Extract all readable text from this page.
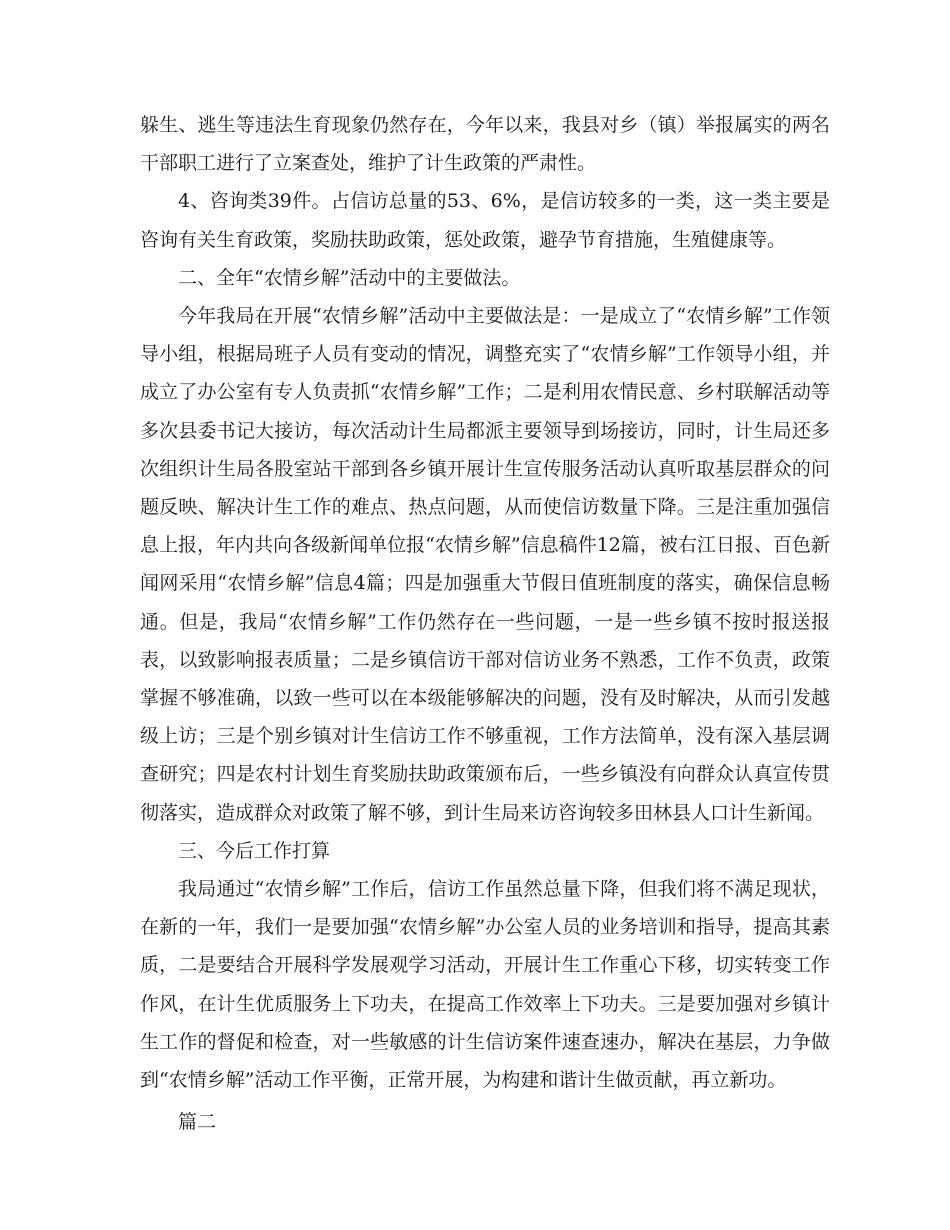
躲生、逃生等违法生育现象仍然存在，今年以来，我县对乡（镇）举报属实的两名干部职工进行了立案查处，维护了计生政策的严肃性。

4、咨询类39件。占信访总量的53、6%，是信访较多的一类，这一类主要是咨询有关生育政策，奖励扶助政策，惩处政策，避孕节育措施，生殖健康等。

二、全年“农情乡解”活动中的主要做法。

今年我局在开展“农情乡解”活动中主要做法是：一是成立了“农情乡解”工作领导小组，根据局班子人员有变动的情况，调整充实了“农情乡解”工作领导小组，并成立了办公室有专人负责抓“农情乡解”工作；二是利用农情民意、乡村联解活动等多次县委书记大接访，每次活动计生局都派主要领导到场接访，同时，计生局还多次组织计生局各股室站干部到各乡镇开展计生宣传服务活动认真听取基层群众的问题反映、解决计生工作的难点、热点问题，从而使信访数量下降。三是注重加强信息上报，年内共向各级新闻单位报“农情乡解”信息稿件12篇，被右江日报、百色新闻网采用“农情乡解”信息4篇；四是加强重大节假日值班制度的落实，确保信息畅通。但是，我局“农情乡解”工作仍然存在一些问题，一是一些乡镇不按时报送报表，以致影响报表质量；二是乡镇信访干部对信访业务不熟悉，工作不负责，政策掌握不够准确，以致一些可以在本级能够解决的问题，没有及时解决，从而引发越级上访；三是个别乡镇对计生信访工作不够重视，工作方法简单，没有深入基层调查研究；四是农村计划生育奖励扶助政策颁布后，一些乡镇没有向群众认真宣传贯彻落实，造成群众对政策了解不够，到计生局来访咨询较多田林县人口计生新闻。

三、今后工作打算

我局通过“农情乡解”工作后，信访工作虽然总量下降，但我们将不满足现状，在新的一年，我们一是要加强“农情乡解”办公室人员的业务培训和指导，提高其素质，二是要结合开展科学发展观学习活动，开展计生工作重心下移，切实转变工作作风，在计生优质服务上下功夫，在提高工作效率上下功夫。三是要加强对乡镇计生工作的督促和检查，对一些敏感的计生信访案件速查速办，解决在基层，力争做到“农情乡解”活动工作平衡，正常开展，为构建和谐计生做贡献，再立新功。

篇二
